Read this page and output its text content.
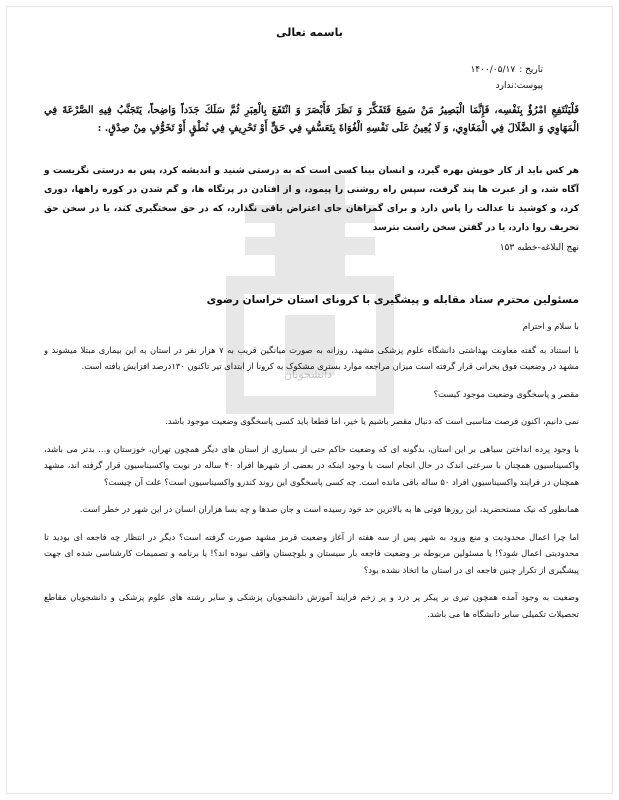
دانشجویان
باسمه تعالی
تاریخ :
۱۴۰۰/۰۵/۱۷
پیوست:ندارد
فَلْيَنْتَفِعِ امْرُؤٌ بِنَفْسِه، فَإِنَّمَا الْبَصِيرُ مَنْ سَمِعَ فَتَفَكَّرَ وَ نَظَرَ فَأَبْصَرَ وَ انْتَفَعَ بِالْعِبَرِ ثُمَّ سَلَكَ جَدَداً وَاضِحاً، يَتَجَنَّبُ فِيهِ الصَّرْعَةَ فِي الْمَهَاوِي وَ الضَّلَالَ فِي الْمَغَاوِي، وَ لَا يُعِينُ عَلَى نَفْسِهِ الْغُوَاةَ بِتَعَسُّفٍ فِي حَقٍّ أَوْ تَحْرِيفٍ فِي نُطْقٍ أَوْ تَخَوُّفٍ مِنْ صِدْقٍ. :
هر کس باید از کار خویش بهره گیرد، و انسان بینا کسی است که به درستی شنید و اندیشه کرد، پس به درستی نگریست و آگاه شد، و از عبرت ها پند گرفت، سپس راه روشنی را پیمود، و از افتادن در پرتگاه ها، و گم شدن در کوره راهها، دوری کرد، و کوشید تا عدالت را پاس دارد و برای گمراهان جای اعتراض باقی نگذارد، که در حق سختگیری کند، یا در سخن حق تحریف روا دارد، یا در گفتن سخن راست بترسد
نهج البلاغه-خطبه ۱۵۳
مسئولین محترم ستاد مقابله و پیشگیری با کرونای استان خراسان رضوی

با سلام و احترام

با استناد به گفته معاونت بهداشتی دانشگاه علوم پزشکی مشهد، روزانه به صورت میانگین قریب به ۷ هزار نفر در استان به این بیماری مبتلا میشوند و مشهد در وضعیت فوق بحرانی قرار گرفته است میزان مراجعه موارد بستری مشکوک به کرونا از ابتدای تیر تاکنون ۱۳۰درصد افزایش یافته است.

مقصر و پاسخگوی وضعیت موجود کیست؟

نمی دانیم، اکنون فرصت مناسبی است که دنبال مقصر باشیم یا خیر، اما قطعا باید کسی پاسخگوی وضعیت موجود باشد.

با وجود پرده انداختن سیاهی بر این استان، بدگونه ای که وضعیت حاکم حتی از بسیاری از استان های دیگر همچون تهران، خوزستان و... بدتر می باشد، واکسیناسیون همچنان با سرعتی اندک در حال انجام است با وجود اینکه در بعضی از شهرها افراد ۴۰ ساله در نوبت واکسیناسیون قرار گرفته اند، مشهد همچنان در فرایند واکسیناسیون افراد ۵۰ ساله باقی مانده است. چه کسی پاسخگوی این روند کندرو واکسیناسیون است؟ علت آن چیست؟

همانطور که نیک مستحضرید، این روزها فوتی ها به بالاترین حد خود رسیده است و جان صدها و چه بسا هزاران انسان در این شهر در خطر است.

اما چرا اعمال محدودیت و منع ورود به شهر پس از سه هفته از آغاز وضعیت قرمز مشهد صورت گرفته است؟ دیگر در انتظار چه فاجعه ای بودید تا محدودیتی اعمال شود؟! یا مسئولین مربوطه بر وضعیت فاجعه بار سیستان و بلوچستان واقف نبوده اند؟! یا برنامه و تصمیمات کارشناسی شده ای جهت پیشگیری از تکرار چنین فاجعه ای در استان ما اتخاذ نشده بود؟

وضعیت به وجود آمده همچون تیری بر پیکر پر درد و پر زخم فرایند آموزش دانشجویان پزشکی و سایر رشته های علوم پزشکی و دانشجویان مقاطع تحصیلات تکمیلی سایر دانشگاه ها می باشد.
